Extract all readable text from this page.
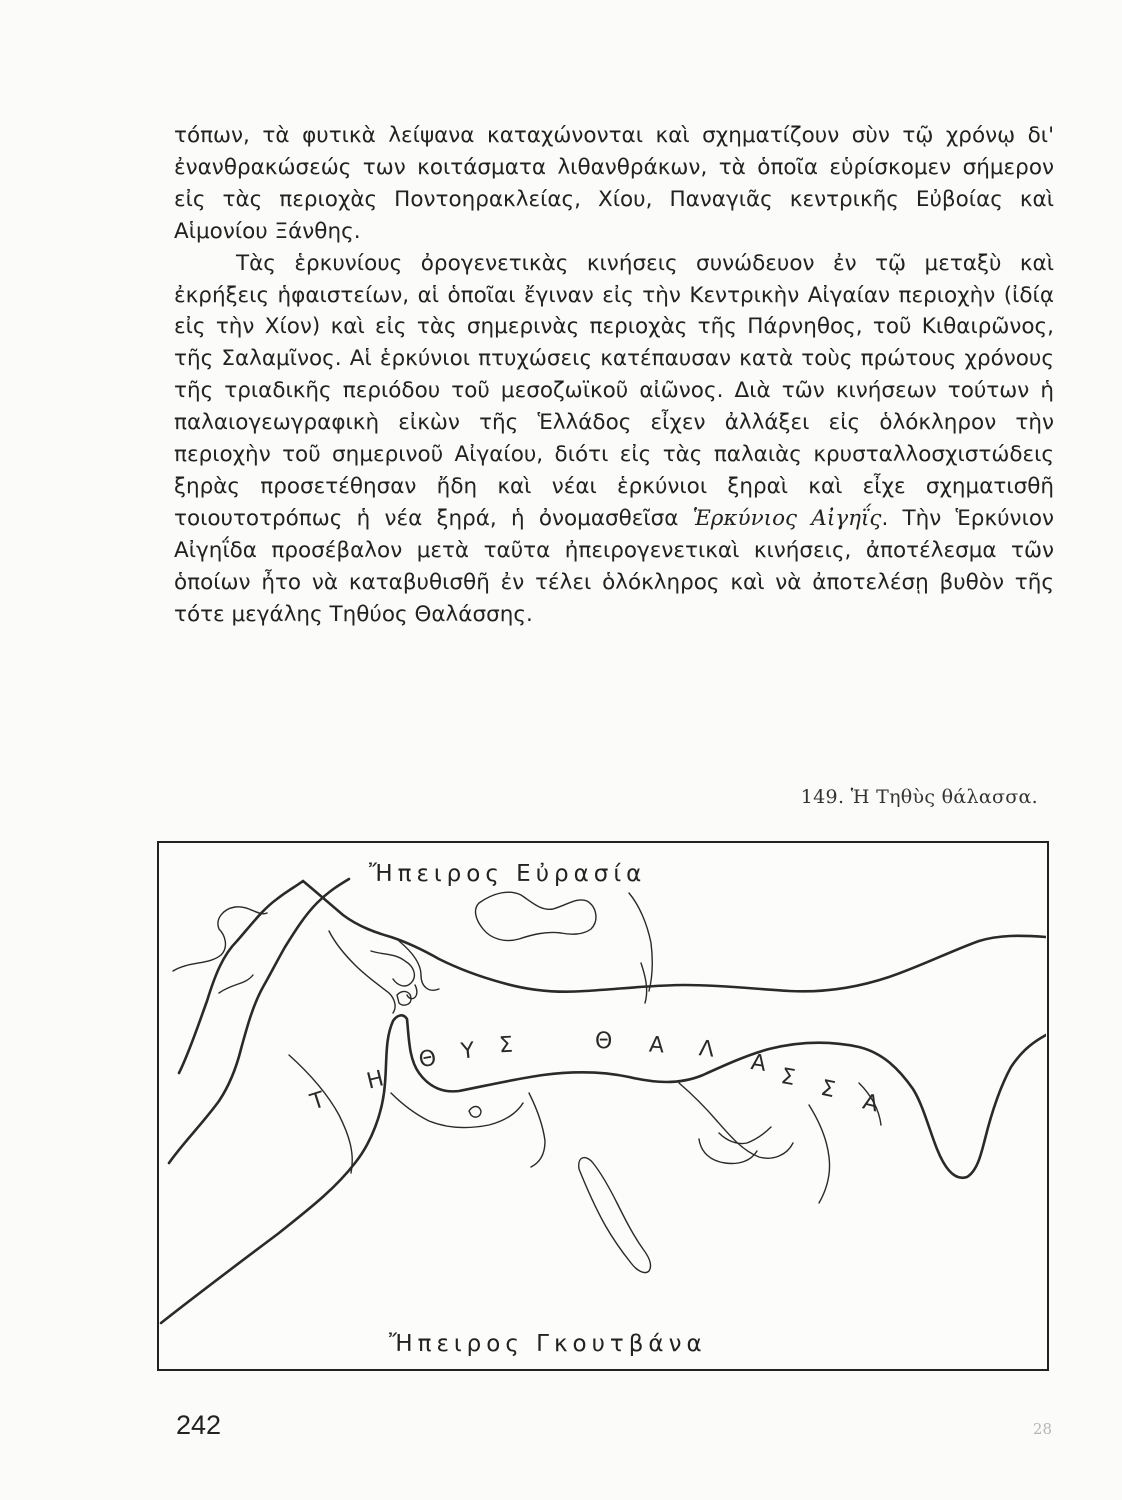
τόπων, τὰ φυτικὰ λείψανα καταχώνονται καὶ σχηματίζουν σὺν τῷ χρόνῳ δι' ἐνανθρακώσεώς των κοιτάσματα λιθανθράκων, τὰ ὁποῖα εὑρίσκομεν σήμερον εἰς τὰς περιοχὰς Ποντοηρακλείας, Χίου, Παναγιᾶς κεντρικῆς Εὐβοίας καὶ Αἱμονίου Ξάνθης.

Τὰς ἑρκυνίους ὀρογενετικὰς κινήσεις συνώδευον ἐν τῷ μεταξὺ καὶ ἐκρήξεις ἡφαιστείων, αἱ ὁποῖαι ἔγιναν εἰς τὴν Κεντρικὴν Αἰγαίαν περιοχὴν (ἰδίᾳ εἰς τὴν Χίον) καὶ εἰς τὰς σημερινὰς περιοχὰς τῆς Πάρνηθος, τοῦ Κιθαιρῶνος, τῆς Σαλαμῖνος. Αἱ ἑρκύνιοι πτυχώσεις κατέπαυσαν κατὰ τοὺς πρώτους χρόνους τῆς τριαδικῆς περιόδου τοῦ μεσοζωϊκοῦ αἰῶνος. Διὰ τῶν κινήσεων τούτων ἡ παλαιογεωγραφικὴ εἰκὼν τῆς Ἑλλάδος εἶχεν ἀλλάξει εἰς ὁλόκληρον τὴν περιοχὴν τοῦ σημερινοῦ Αἰγαίου, διότι εἰς τὰς παλαιὰς κρυσταλλοσχιστώδεις ξηρὰς προσετέθησαν ἤδη καὶ νέαι ἑρκύνιοι ξηραὶ καὶ εἶχε σχηματισθῆ τοιουτοτρόπως ἡ νέα ξηρά, ἡ ὀνομασθεῖσα Ἑρκύνιος Αἰγηΐς. Τὴν Ἑρκύνιον Αἰγηΐδα προσέβαλον μετὰ ταῦτα ἠπειρογενετικαὶ κινήσεις, ἀποτέλεσμα τῶν ὁποίων ἦτο νὰ καταβυθισθῆ ἐν τέλει ὁλόκληρος καὶ νὰ ἀποτελέσῃ βυθὸν τῆς τότε μεγάλης Τηθύος Θαλάσσης.

149. Ἡ Τηθὺς θάλασσα.
Ἤπειρος Εὐρασία
Ἤπειρος Γκουτβάνα
Τ
Η
Θ Υ Σ	Θ Α Λ
Α
Σ Σ
Α
242	28
